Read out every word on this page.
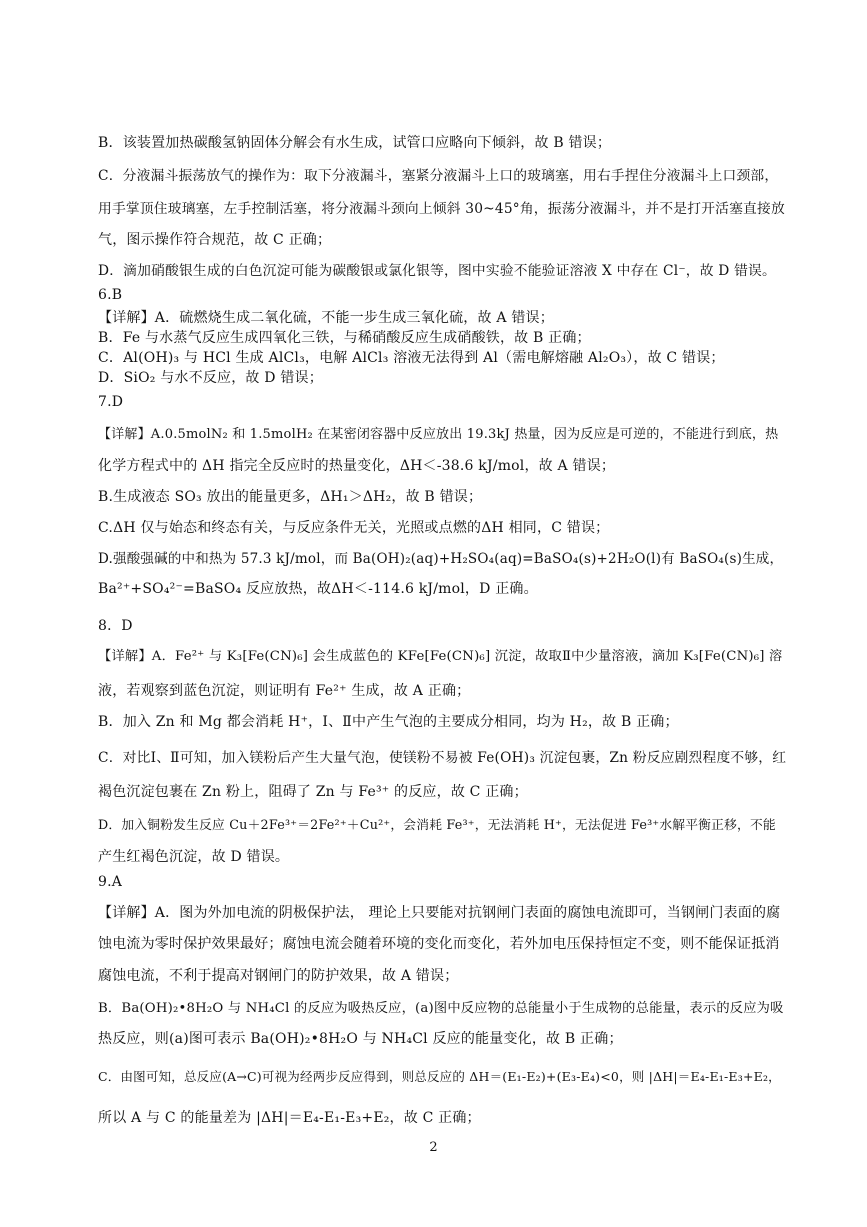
B．该装置加热碳酸氢钠固体分解会有水生成，试管口应略向下倾斜，故 B 错误；
C．分液漏斗振荡放气的操作为：取下分液漏斗，塞紧分液漏斗上口的玻璃塞，用右手捏住分液漏斗上口颈部，
用手掌顶住玻璃塞，左手控制活塞，将分液漏斗颈向上倾斜 30~45°角，振荡分液漏斗，并不是打开活塞直接放
气，图示操作符合规范，故 C 正确；
D．滴加硝酸银生成的白色沉淀可能为碳酸银或氯化银等，图中实验不能验证溶液 X 中存在 Cl⁻，故 D 错误。
6.B
【详解】A．硫燃烧生成二氧化硫，不能一步生成三氧化硫，故 A 错误；
B．Fe 与水蒸气反应生成四氧化三铁，与稀硝酸反应生成硝酸铁，故 B 正确；
C．Al(OH)₃ 与 HCl 生成 AlCl₃，电解 AlCl₃ 溶液无法得到 Al（需电解熔融 Al₂O₃），故 C 错误；
D．SiO₂ 与水不反应，故 D 错误；
7.D
【详解】A.0.5molN₂ 和 1.5molH₂ 在某密闭容器中反应放出 19.3kJ 热量，因为反应是可逆的，不能进行到底，热
化学方程式中的 ΔH 指完全反应时的热量变化，ΔH＜-38.6 kJ/mol，故 A 错误；
B.生成液态 SO₃ 放出的能量更多，ΔH₁＞ΔH₂，故 B 错误；
C.ΔH 仅与始态和终态有关，与反应条件无关，光照或点燃的ΔH 相同，C 错误；
D.强酸强碱的中和热为 57.3 kJ/mol，而 Ba(OH)₂(aq)+H₂SO₄(aq)=BaSO₄(s)+2H₂O(l)有 BaSO₄(s)生成，
Ba²⁺+SO₄²⁻=BaSO₄ 反应放热，故ΔH＜-114.6 kJ/mol，D 正确。
8．D
【详解】A．Fe²⁺ 与 K₃[Fe(CN)₆] 会生成蓝色的 KFe[Fe(CN)₆] 沉淀，故取Ⅱ中少量溶液，滴加 K₃[Fe(CN)₆] 溶
液，若观察到蓝色沉淀，则证明有 Fe²⁺ 生成，故 A 正确；
B．加入 Zn 和 Mg 都会消耗 H⁺，Ⅰ、Ⅱ中产生气泡的主要成分相同，均为 H₂，故 B 正确；
C．对比Ⅰ、Ⅱ可知，加入镁粉后产生大量气泡，使镁粉不易被 Fe(OH)₃ 沉淀包裹，Zn 粉反应剧烈程度不够，红
褐色沉淀包裹在 Zn 粉上，阻碍了 Zn 与 Fe³⁺ 的反应，故 C 正确；
D．加入铜粉发生反应 Cu＋2Fe³⁺＝2Fe²⁺＋Cu²⁺，会消耗 Fe³⁺，无法消耗 H⁺，无法促进 Fe³⁺水解平衡正移，不能
产生红褐色沉淀，故 D 错误。
9.A
【详解】A．图为外加电流的阴极保护法， 理论上只要能对抗钢闸门表面的腐蚀电流即可，当钢闸门表面的腐
蚀电流为零时保护效果最好；腐蚀电流会随着环境的变化而变化，若外加电压保持恒定不变，则不能保证抵消
腐蚀电流，不利于提高对钢闸门的防护效果，故 A 错误；
B．Ba(OH)₂•8H₂O 与 NH₄Cl 的反应为吸热反应，(a)图中反应物的总能量小于生成物的总能量，表示的反应为吸
热反应，则(a)图可表示 Ba(OH)₂•8H₂O 与 NH₄Cl 反应的能量变化，故 B 正确；
C．由图可知，总反应(A→C)可视为经两步反应得到，则总反应的 ΔH＝(E₁-E₂)+(E₃-E₄)<0，则 |ΔH|＝E₄-E₁-E₃+E₂，
所以 A 与 C 的能量差为 |ΔH|＝E₄-E₁-E₃+E₂，故 C 正确；
2
